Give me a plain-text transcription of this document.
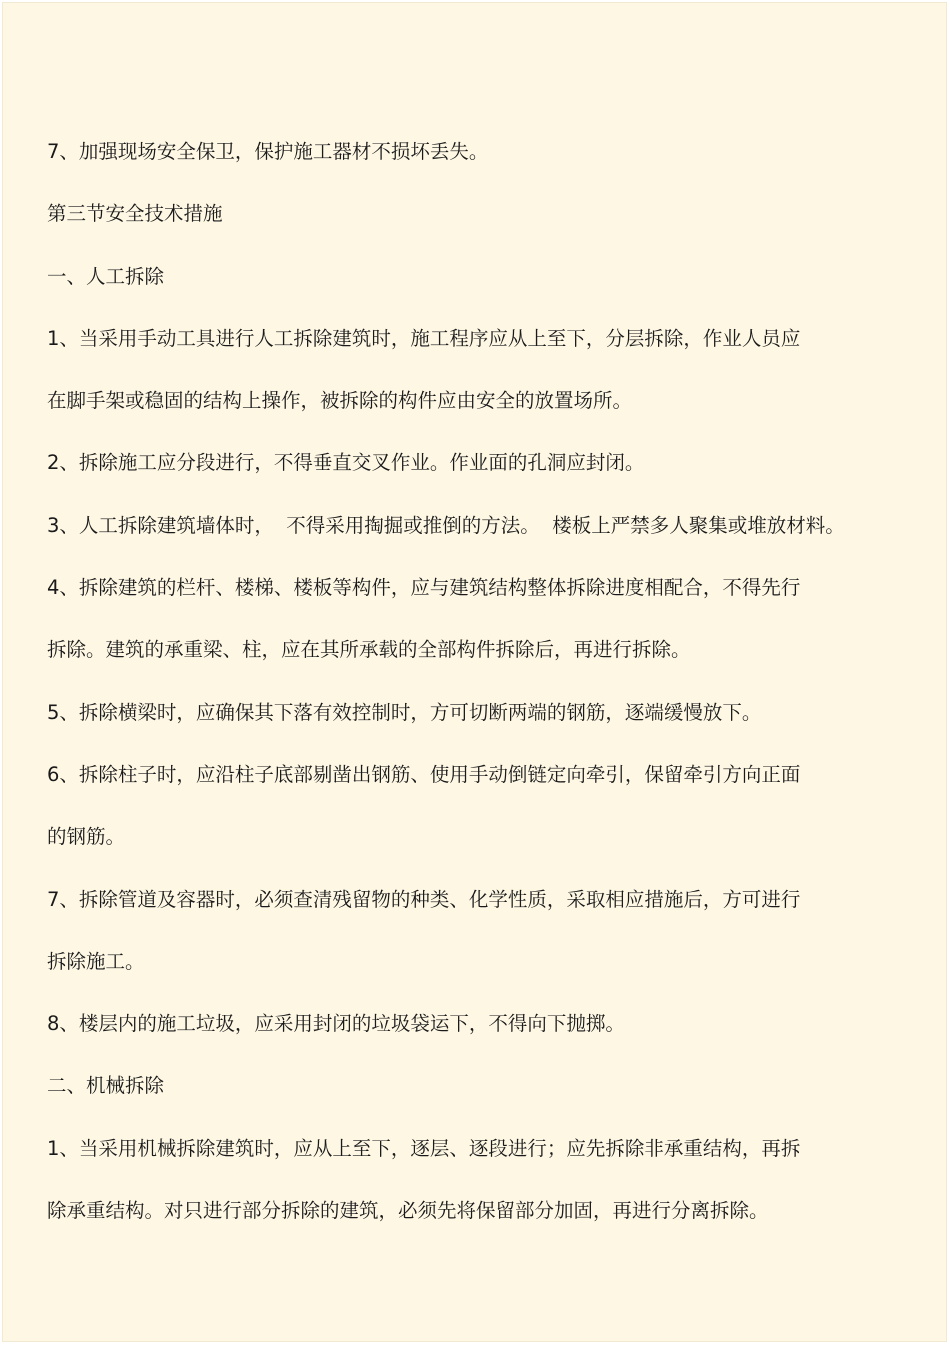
7、加强现场安全保卫，保护施工器材不损坏丢失。
第三节安全技术措施
一、人工拆除
1、当采用手动工具进行人工拆除建筑时，施工程序应从上至下，分层拆除，作业人员应
在脚手架或稳固的结构上操作，被拆除的构件应由安全的放置场所。
2、拆除施工应分段进行，不得垂直交叉作业。作业面的孔洞应封闭。
3、人工拆除建筑墙体时，  不得采用掏掘或推倒的方法。  楼板上严禁多人聚集或堆放材料。
4、拆除建筑的栏杆、楼梯、楼板等构件，应与建筑结构整体拆除进度相配合，不得先行
拆除。建筑的承重梁、柱，应在其所承载的全部构件拆除后，再进行拆除。
5、拆除横梁时，应确保其下落有效控制时，方可切断两端的钢筋，逐端缓慢放下。
6、拆除柱子时，应沿柱子底部剔凿出钢筋、使用手动倒链定向牵引，保留牵引方向正面
的钢筋。
7、拆除管道及容器时，必须查清残留物的种类、化学性质，采取相应措施后，方可进行
拆除施工。
8、楼层内的施工垃圾，应采用封闭的垃圾袋运下，不得向下抛掷。
二、机械拆除
1、当采用机械拆除建筑时，应从上至下，逐层、逐段进行；应先拆除非承重结构，再拆
除承重结构。对只进行部分拆除的建筑，必须先将保留部分加固，再进行分离拆除。
